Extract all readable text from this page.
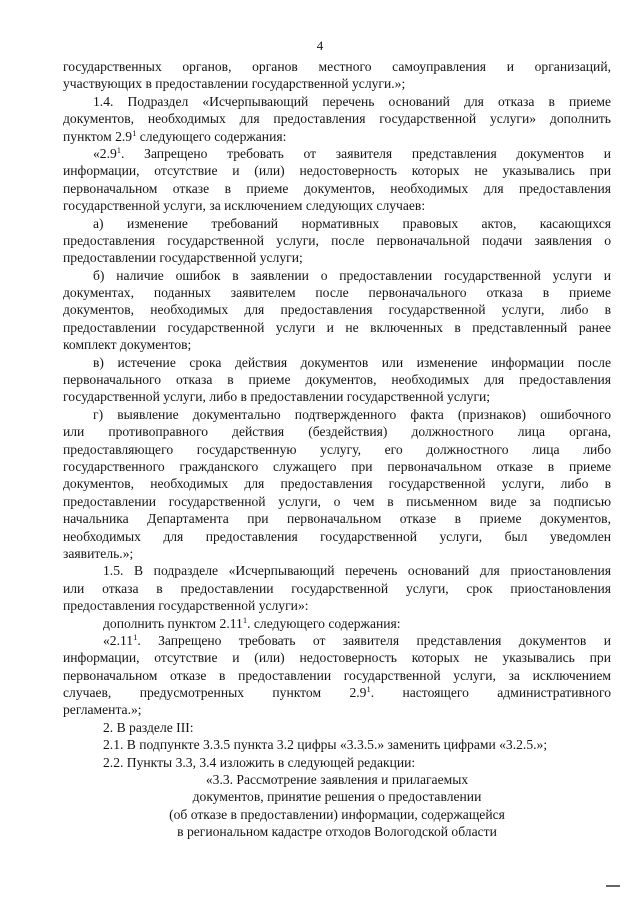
4
государственных органов, органов местного самоуправления и организаций,
участвующих в предоставлении государственной услуги.»;
1.4. Подраздел «Исчерпывающий перечень оснований для отказа в приеме
документов, необходимых для предоставления государственной услуги» дополнить
пунктом $2.9^1$ следующего содержания:
«$2.9^1$. Запрещено требовать от заявителя представления документов и
информации, отсутствие и (или) недостоверность которых не указывались при
первоначальном отказе в приеме документов, необходимых для предоставления
государственной услуги, за исключением следующих случаев:
а) изменение требований нормативных правовых актов, касающихся
предоставления государственной услуги, после первоначальной подачи заявления о
предоставлении государственной услуги;
б) наличие ошибок в заявлении о предоставлении государственной услуги и
документах, поданных заявителем после первоначального отказа в приеме
документов, необходимых для предоставления государственной услуги, либо в
предоставлении государственной услуги и не включенных в представленный ранее
комплект документов;
в) истечение срока действия документов или изменение информации после
первоначального отказа в приеме документов, необходимых для предоставления
государственной услуги, либо в предоставлении государственной услуги;
г) выявление документально подтвержденного факта (признаков) ошибочного
или противоправного действия (бездействия) должностного лица органа,
предоставляющего государственную услугу, его должностного лица либо
государственного гражданского служащего при первоначальном отказе в приеме
документов, необходимых для предоставления государственной услуги, либо в
предоставлении государственной услуги, о чем в письменном виде за подписью
начальника Департамента при первоначальном отказе в приеме документов,
необходимых для предоставления государственной услуги, был уведомлен
заявитель.»;
1.5. В подразделе «Исчерпывающий перечень оснований для приостановления
или отказа в предоставлении государственной услуги, срок приостановления
предоставления государственной услуги»:
дополнить пунктом 2.11$^1$. следующего содержания:
«2.11$^1$. Запрещено требовать от заявителя представления документов и
информации, отсутствие и (или) недостоверность которых не указывались при
первоначальном отказе в предоставлении государственной услуги, за исключением
случаев, предусмотренных пунктом $2.9^1$. настоящего административного
регламента.»;
2. В разделе III:
2.1. В подпункте 3.3.5 пункта 3.2 цифры «3.3.5.» заменить цифрами «3.2.5.»;
2.2. Пункты 3.3, 3.4 изложить в следующей редакции:
«3.3. Рассмотрение заявления и прилагаемых
документов, принятие решения о предоставлении
(об отказе в предоставлении) информации, содержащейся
в региональном кадастре отходов Вологодской области
